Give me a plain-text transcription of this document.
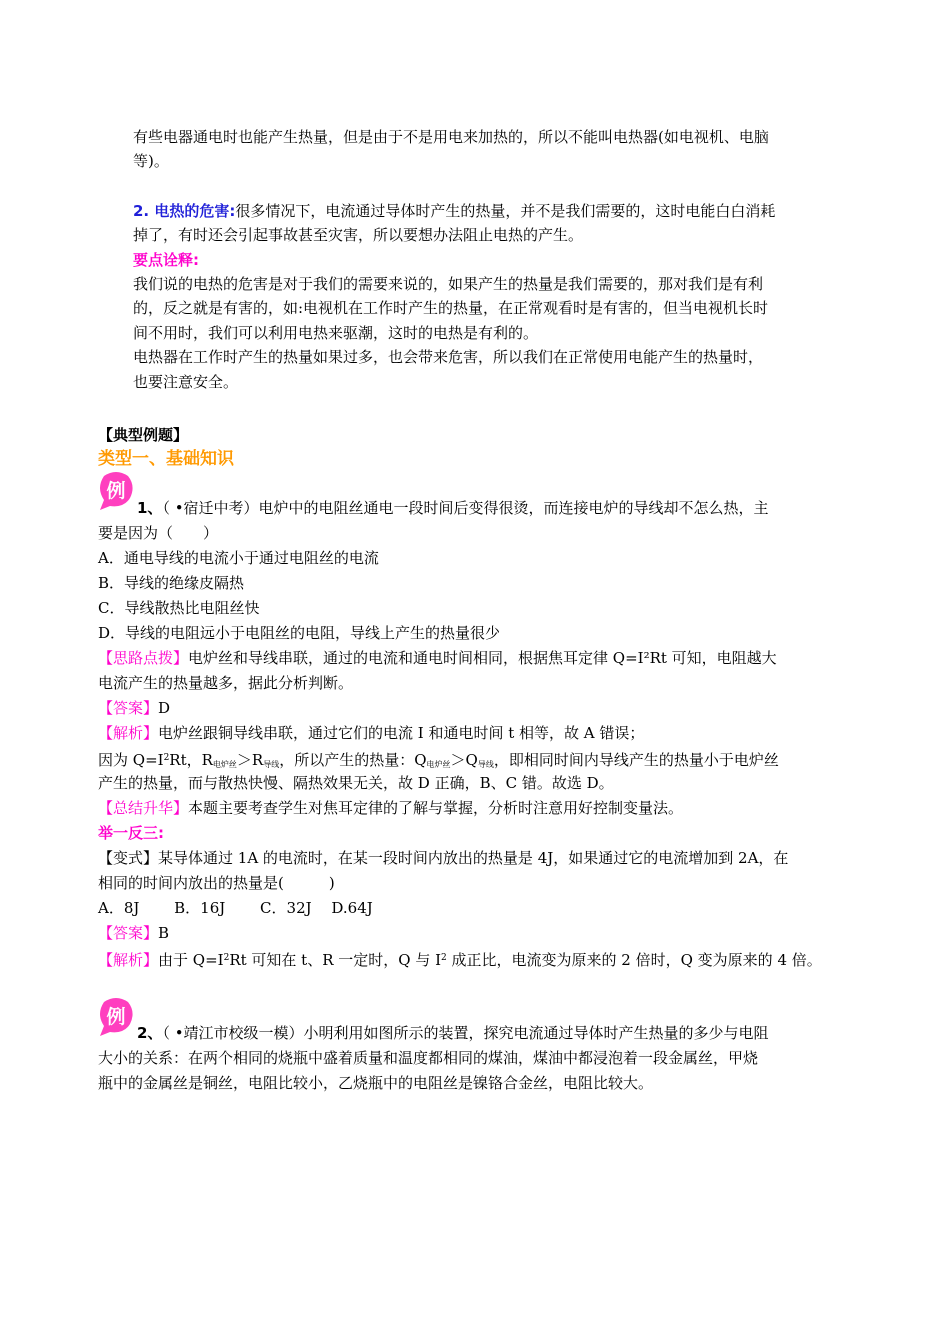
有些电器通电时也能产生热量，但是由于不是用电来加热的，所以不能叫电热器(如电视机、电脑
等)。
2. 电热的危害:很多情况下，电流通过导体时产生的热量，并不是我们需要的，这时电能白白消耗
掉了，有时还会引起事故甚至灾害，所以要想办法阻止电热的产生。
要点诠释:
我们说的电热的危害是对于我们的需要来说的，如果产生的热量是我们需要的，那对我们是有利
的，反之就是有害的，如:电视机在工作时产生的热量，在正常观看时是有害的，但当电视机长时
间不用时，我们可以利用电热来驱潮，这时的电热是有利的。
电热器在工作时产生的热量如果过多，也会带来危害，所以我们在正常使用电能产生的热量时，
也要注意安全。
【典型例题】
类型一、基础知识
例
1、（ •宿迁中考）电炉中的电阻丝通电一段时间后变得很烫，而连接电炉的导线却不怎么热，主
要是因为（　　）
A．通电导线的电流小于通过电阻丝的电流
B．导线的绝缘皮隔热
C．导线散热比电阻丝快
D．导线的电阻远小于电阻丝的电阻，导线上产生的热量很少
【思路点拨】电炉丝和导线串联，通过的电流和通电时间相同，根据焦耳定律 Q=I²Rt 可知，电阻越大
电流产生的热量越多，据此分析判断。
【答案】D
【解析】电炉丝跟铜导线串联，通过它们的电流 I 和通电时间 t 相等，故 A 错误；
因为 $Q=I^2Rt$，$R_{电炉丝}>R_{导线}$，所以产生的热量：$Q_{电炉丝}>Q_{导线}$，即相同时间内导线产生的热量小于电炉丝
产生的热量，而与散热快慢、隔热效果无关，故 D 正确，B、C 错。故选 D。
【总结升华】本题主要考查学生对焦耳定律的了解与掌握，分析时注意用好控制变量法。
举一反三:
【变式】某导体通过 1A 的电流时，在某一段时间内放出的热量是 4J，如果通过它的电流增加到 2A，在
相同的时间内放出的热量是(　　　)
A．8J　　 B．16J　　 C．32J　 D.64J
【答案】B
【解析】由于 $Q=I^2Rt$ 可知在 t、R 一定时，Q 与 $I^2$ 成正比，电流变为原来的 2 倍时，Q 变为原来的 4 倍。
例
2、（ •靖江市校级一模）小明利用如图所示的装置，探究电流通过导体时产生热量的多少与电阻
大小的关系：在两个相同的烧瓶中盛着质量和温度都相同的煤油，煤油中都浸泡着一段金属丝，甲烧
瓶中的金属丝是铜丝，电阻比较小，乙烧瓶中的电阻丝是镍铬合金丝，电阻比较大。
